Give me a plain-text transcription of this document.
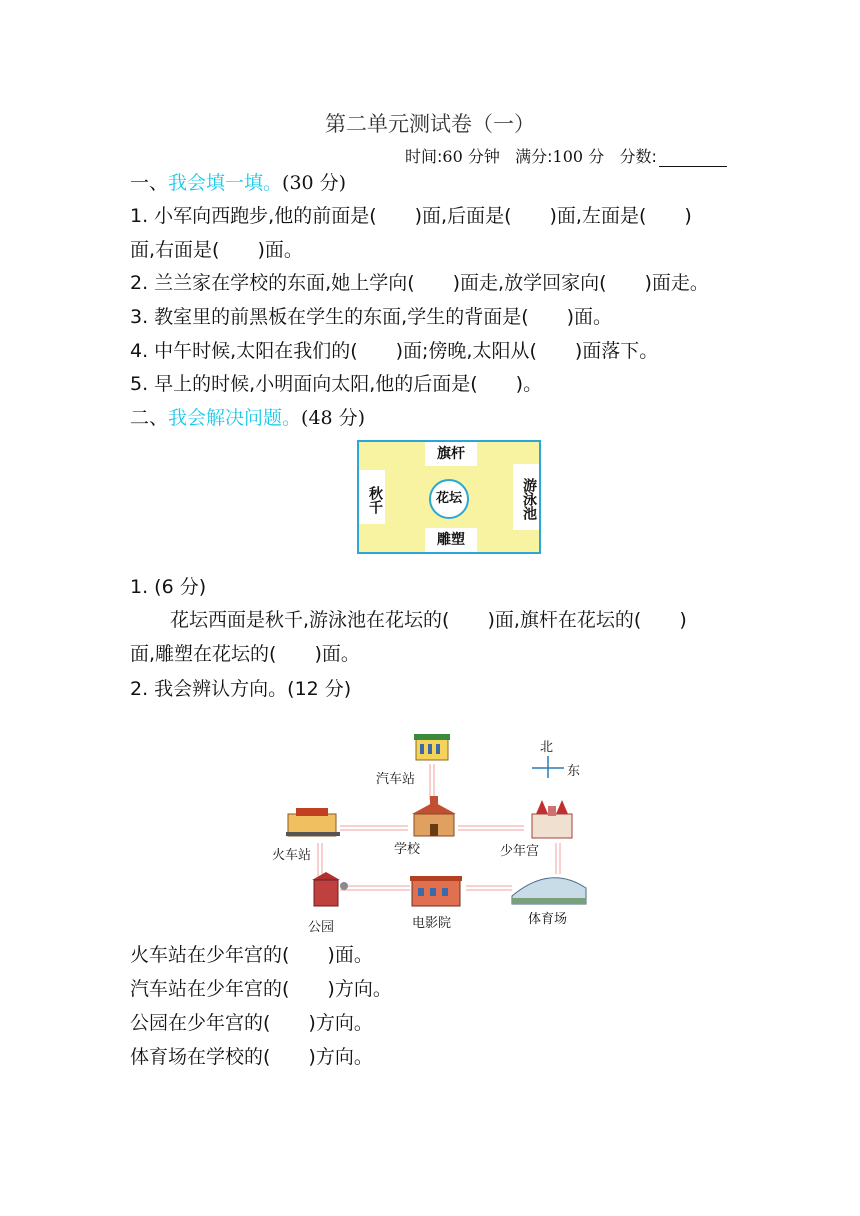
第二单元测试卷（一）
时间:60 分钟 满分:100 分 分数:
一、我会填一填。(30 分)
1. 小军向西跑步,他的前面是(　　)面,后面是(　　)面,左面是(　　)
面,右面是(　　)面。
2. 兰兰家在学校的东面,她上学向(　　)面走,放学回家向(　　)面走。
3. 教室里的前黑板在学生的东面,学生的背面是(　　)面。
4. 中午时候,太阳在我们的(　　)面;傍晚,太阳从(　　)面落下。
5. 早上的时候,小明面向太阳,他的后面是(　　)。
二、我会解决问题。(48 分)
旗杆
雕塑
秋千	游泳池
花坛
1. (6 分)
花坛西面是秋千,游泳池在花坛的(　　)面,旗杆在花坛的(　　)
面,雕塑在花坛的(　　)面。
2. 我会辨认方向。(12 分)
汽车站
北
东
火车站	学校	少年宫
公园	电影院	体育场
火车站在少年宫的(　　)面。
汽车站在少年宫的(　　)方向。
公园在少年宫的(　　)方向。
体育场在学校的(　　)方向。
